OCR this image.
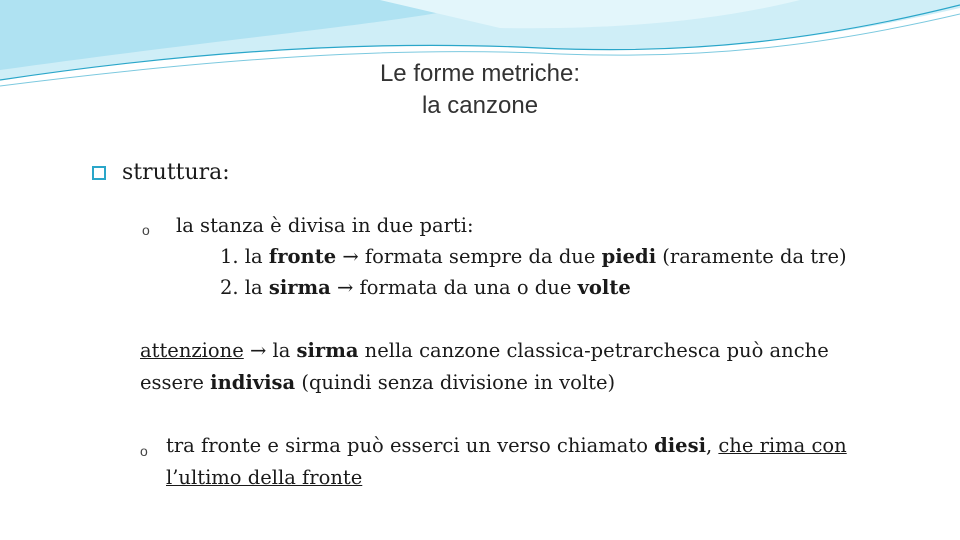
Le forme metriche:
la canzone
struttura:
o la stanza è divisa in due parti:
1. la fronte → formata sempre da due piedi (raramente da tre)
2. la sirma → formata da una o due volte
attenzione → la sirma nella canzone classica-petrarchesca può anche
essere indivisa (quindi senza divisione in volte)
o tra fronte e sirma può esserci un verso chiamato diesi, che rima con
l’ultimo della fronte
